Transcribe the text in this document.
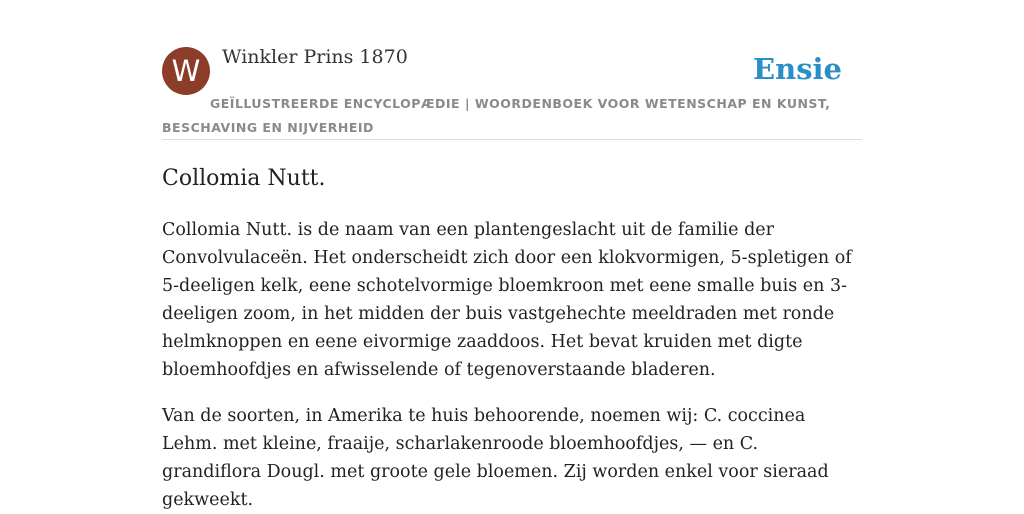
W	Winkler Prins 1870	Ensie
GEÏLLUSTREERDE ENCYCLOPÆDIE | WOORDENBOEK VOOR WETENSCHAP EN KUNST, BESCHAVING EN NIJVERHEID
Collomia Nutt.

Collomia Nutt. is de naam van een plantengeslacht uit de familie der Convolvulaceën. Het onderscheidt zich door een klokvormigen, 5-spletigen of 5-deeligen kelk, eene schotelvormige bloemkroon met eene smalle buis en 3-deeligen zoom, in het midden der buis vastgehechte meeldraden met ronde helmknoppen en eene eivormige zaaddoos. Het bevat kruiden met digte bloemhoofdjes en afwisselende of tegenoverstaande bladeren.

Van de soorten, in Amerika te huis behoorende, noemen wij: C. coccinea Lehm. met kleine, fraaije, scharlakenroode bloemhoofdjes, — en C. grandiflora Dougl. met groote gele bloemen. Zij worden enkel voor sieraad gekweekt.
